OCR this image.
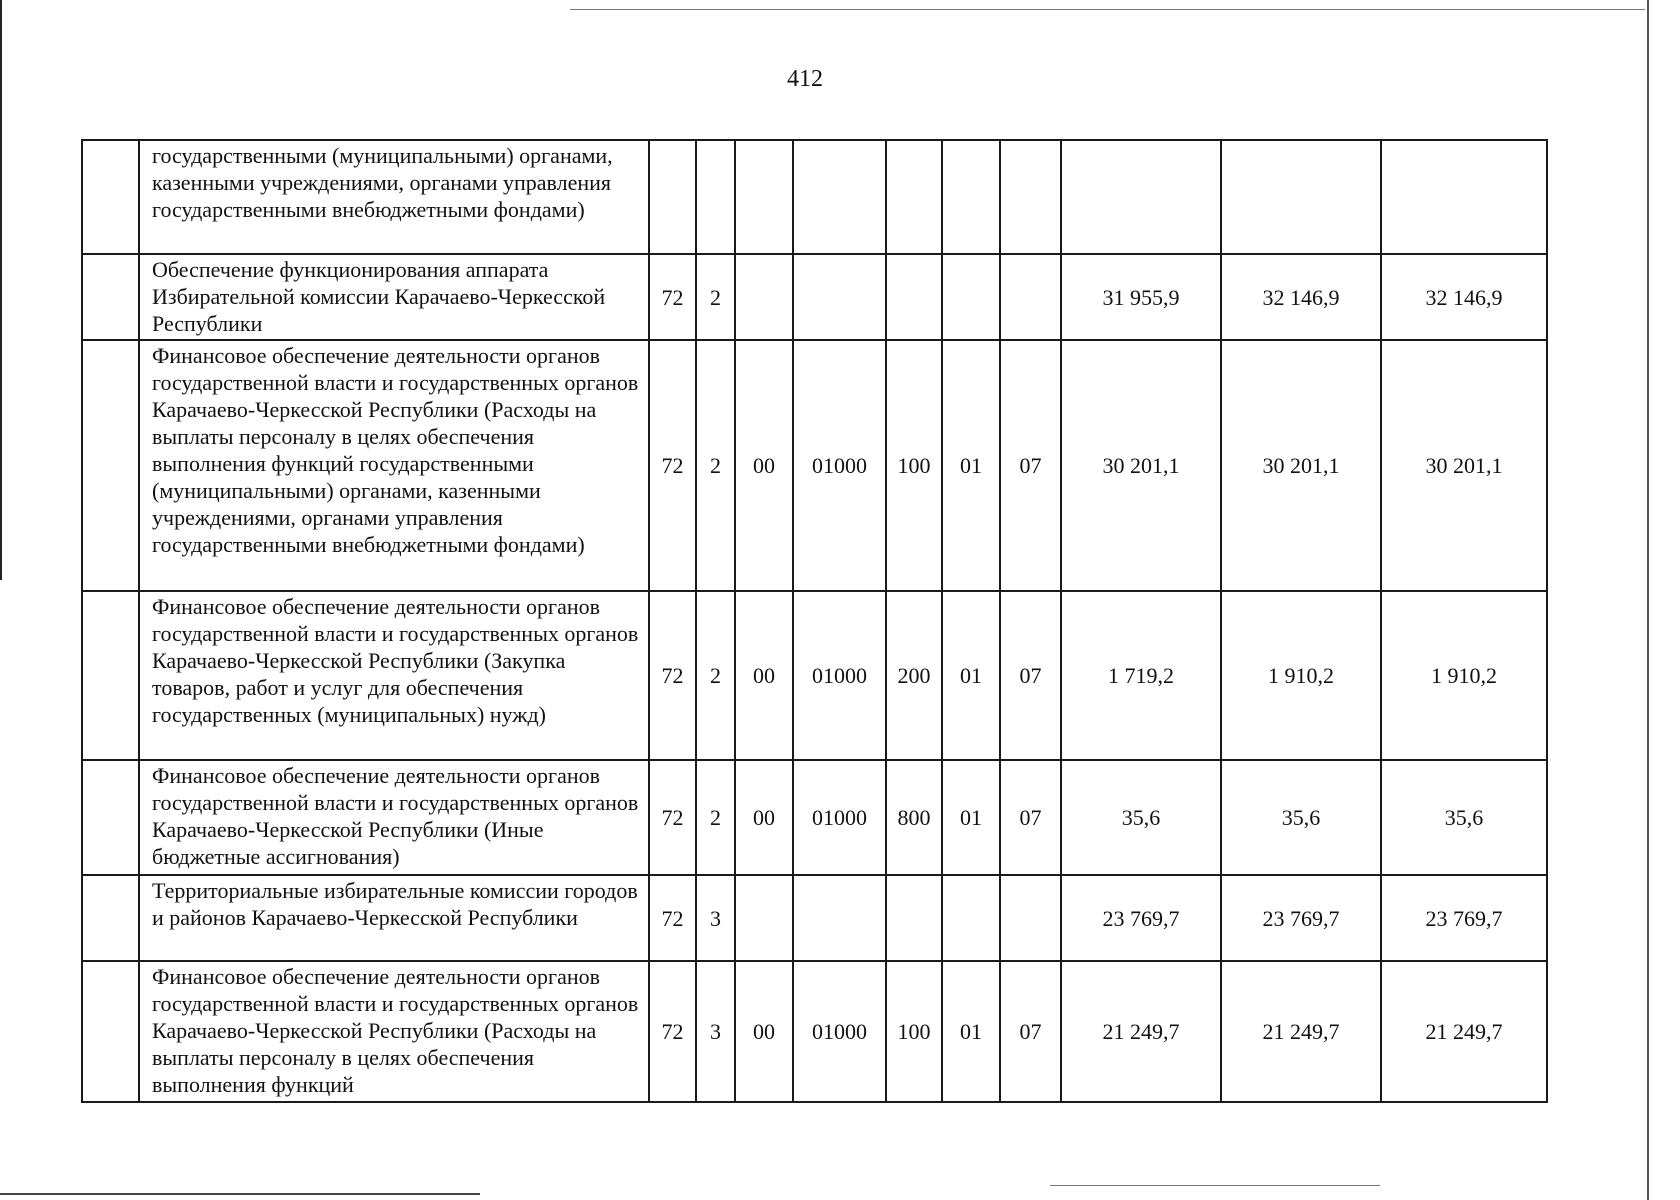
412
	государственными (муниципальными) органами, казенными учреждениями, органами управления государственными внебюджетными фондами)										
	Обеспечение функционирования аппарата Избирательной комиссии Карачаево-Черкесской Республики	72	2						31 955,9	32 146,9	32 146,9
	Финансовое обеспечение деятельности органов государственной власти и государственных органов Карачаево-Черкесской Республики (Расходы на выплаты персоналу в целях обеспечения выполнения функций государственными (муниципальными) органами, казенными учреждениями, органами управления государственными внебюджетными фондами)	72	2	00	01000	100	01	07	30 201,1	30 201,1	30 201,1
	Финансовое обеспечение деятельности органов государственной власти и государственных органов Карачаево-Черкесской Республики (Закупка товаров, работ и услуг для обеспечения государственных (муниципальных) нужд)	72	2	00	01000	200	01	07	1 719,2	1 910,2	1 910,2
	Финансовое обеспечение деятельности органов государственной власти и государственных органов Карачаево-Черкесской Республики (Иные бюджетные ассигнования)	72	2	00	01000	800	01	07	35,6	35,6	35,6
	Территориальные избирательные комиссии городов и районов Карачаево-Черкесской Республики	72	3						23 769,7	23 769,7	23 769,7
	Финансовое обеспечение деятельности органов государственной власти и государственных органов Карачаево-Черкесской Республики (Расходы на выплаты персоналу в целях обеспечения выполнения функций	72	3	00	01000	100	01	07	21 249,7	21 249,7	21 249,7
